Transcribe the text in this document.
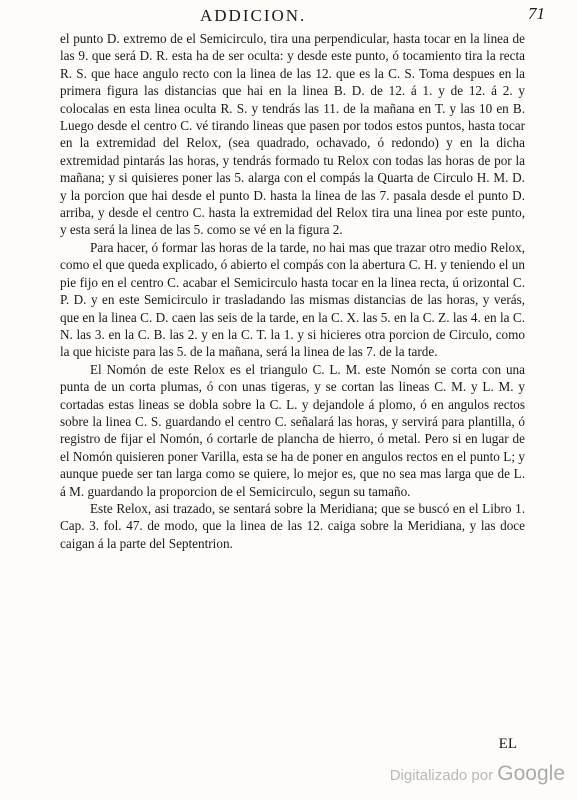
ADDICION.	71

el punto D. extremo de el Semicirculo, tira una perpendicular, hasta tocar en la linea de las 9. que será D. R. esta ha de ser oculta: y desde este punto, ó tocamiento tira la recta R. S. que hace angulo recto con la linea de las 12. que es la C. S. Toma despues en la primera figura las distancias que hai en la linea B. D. de 12. á 1. y de 12. á 2. y colocalas en esta linea oculta R. S. y tendrás las 11. de la mañana en T. y las 10 en B. Luego desde el centro C. vé tirando lineas que pasen por todos estos puntos, hasta tocar en la extremidad del Relox, (sea quadrado, ochavado, ó redondo) y en la dicha extremidad pintarás las horas, y tendrás formado tu Relox con todas las horas de por la mañana; y si quisieres poner las 5. alarga con el compás la Quarta de Circulo H. M. D. y la porcion que hai desde el punto D. hasta la linea de las 7. pasala desde el punto D. arriba, y desde el centro C. hasta la extremidad del Relox tira una linea por este punto, y esta será la linea de las 5. como se vé en la figura 2.

Para hacer, ó formar las horas de la tarde, no hai mas que trazar otro medio Relox, como el que queda explicado, ó abierto el compás con la abertura C. H. y teniendo el un pie fijo en el centro C. acabar el Semicirculo hasta tocar en la linea recta, ú orizontal C. P. D. y en este Semicirculo ir trasladando las mismas distancias de las horas, y verás, que en la linea C. D. caen las seis de la tarde, en la C. X. las 5. en la C. Z. las 4. en la C. N. las 3. en la C. B. las 2. y en la C. T. la 1. y si hicieres otra porcion de Circulo, como la que hiciste para las 5. de la mañana, será la linea de las 7. de la tarde.

El Nomón de este Relox es el triangulo C. L. M. este Nomón se corta con una punta de un corta plumas, ó con unas tigeras, y se cortan las lineas C. M. y L. M. y cortadas estas lineas se dobla sobre la C. L. y dejandole á plomo, ó en angulos rectos sobre la linea C. S. guardando el centro C. señalará las horas, y servirá para plantilla, ó registro de fijar el Nomón, ó cortarle de plancha de hierro, ó metal. Pero si en lugar de el Nomón quisieren poner Varilla, esta se ha de poner en angulos rectos en el punto L; y aunque puede ser tan larga como se quiere, lo mejor es, que no sea mas larga que de L. á M. guardando la proporcion de el Semicirculo, segun su tamaño.

Este Relox, asi trazado, se sentará sobre la Meridiana; que se buscó en el Libro 1. Cap. 3. fol. 47. de modo, que la linea de las 12. caiga sobre la Meridiana, y las doce caigan á la parte del Septentrion.

EL
Digitalizado por Google
